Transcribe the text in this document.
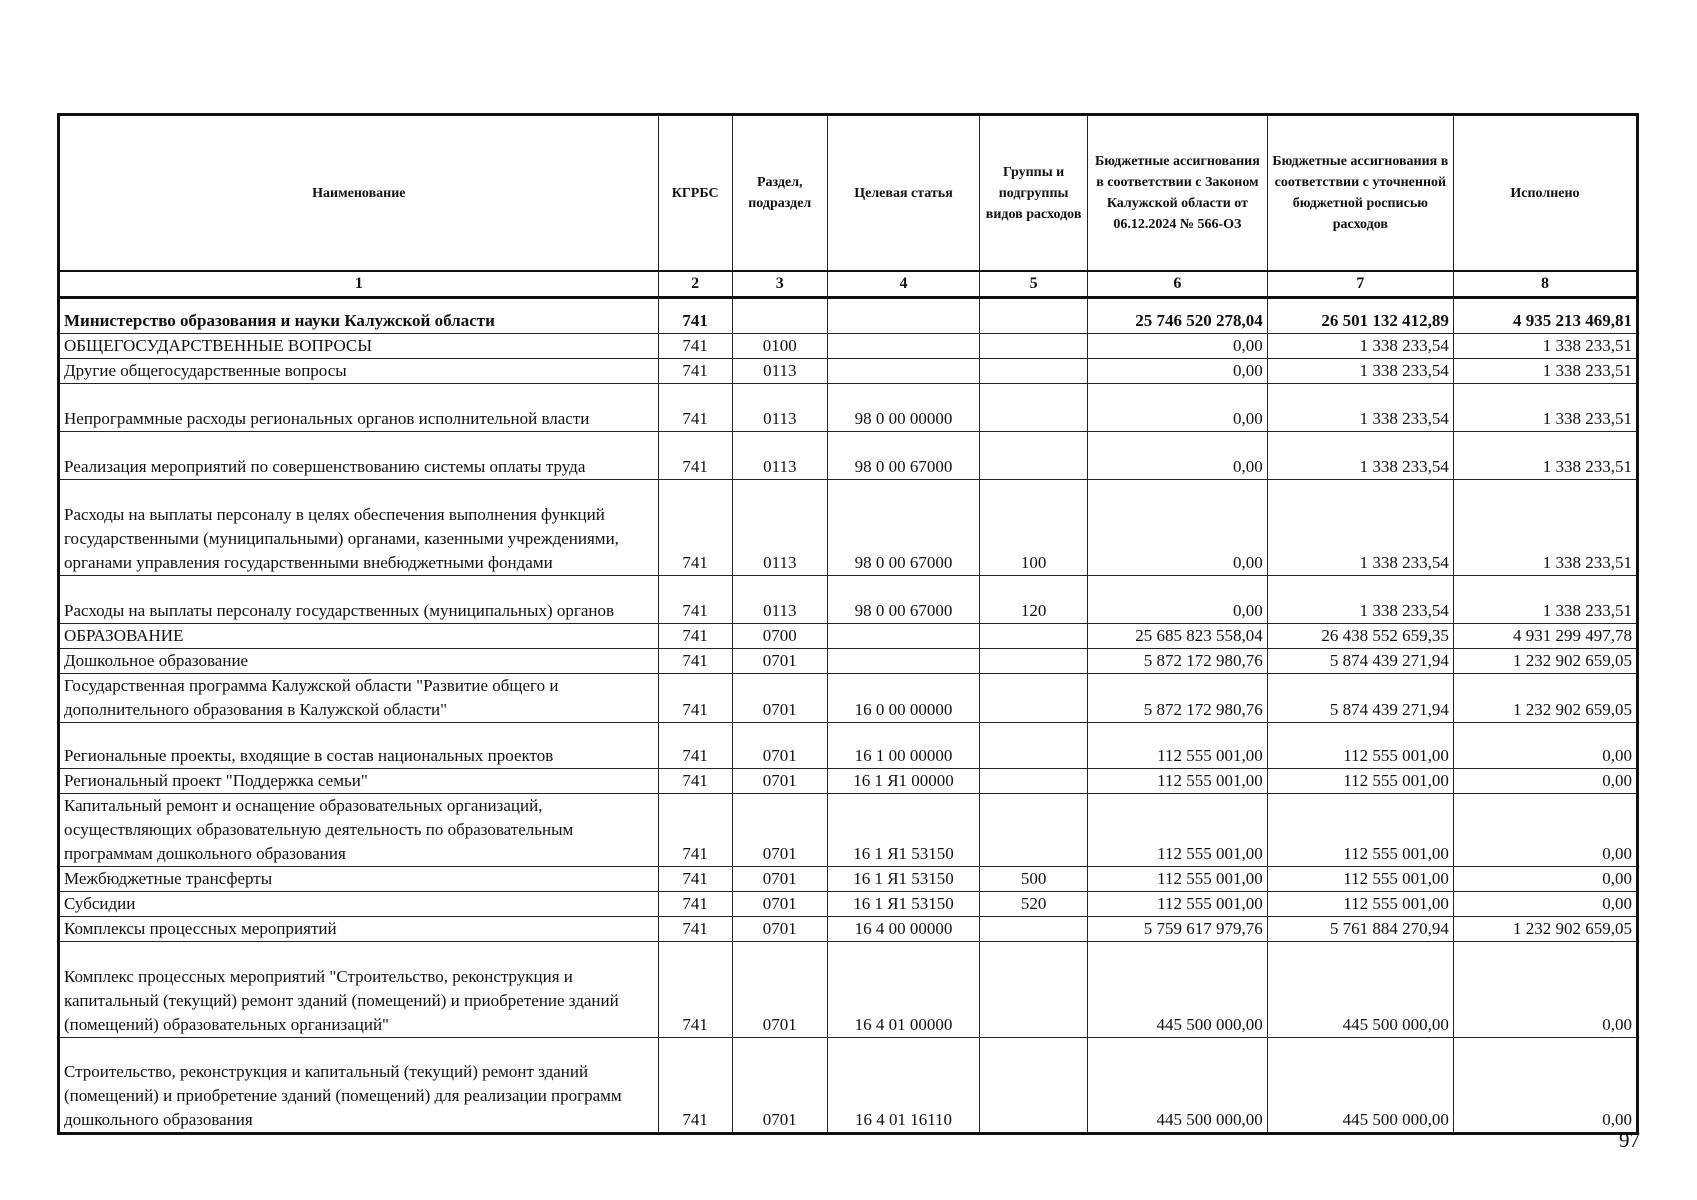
Наименование	КГРБС	Раздел, подраздел	Целевая статья	Группы и подгруппы видов расходов	Бюджетные ассигнования в соответствии с Законом Калужской области от 06.12.2024 № 566-ОЗ	Бюджетные ассигнования в соответствии с уточненной бюджетной росписью расходов	Исполнено
1	2	3	4	5	6	7	8
Министерство образования и науки Калужской области	741				25 746 520 278,04	26 501 132 412,89	4 935 213 469,81
ОБЩЕГОСУДАРСТВЕННЫЕ ВОПРОСЫ	741	0100			0,00	1 338 233,54	1 338 233,51
Другие общегосударственные вопросы	741	0113			0,00	1 338 233,54	1 338 233,51
Непрограммные расходы региональных органов исполнительной власти	741	0113	98 0 00 00000		0,00	1 338 233,54	1 338 233,51
Реализация мероприятий по совершенствованию системы оплаты труда	741	0113	98 0 00 67000		0,00	1 338 233,54	1 338 233,51
Расходы на выплаты персоналу в целях обеспечения выполнения функций государственными (муниципальными) органами, казенными учреждениями, органами управления государственными внебюджетными фондами	741	0113	98 0 00 67000	100	0,00	1 338 233,54	1 338 233,51
Расходы на выплаты персоналу государственных (муниципальных) органов	741	0113	98 0 00 67000	120	0,00	1 338 233,54	1 338 233,51
ОБРАЗОВАНИЕ	741	0700			25 685 823 558,04	26 438 552 659,35	4 931 299 497,78
Дошкольное образование	741	0701			5 872 172 980,76	5 874 439 271,94	1 232 902 659,05
Государственная программа Калужской области "Развитие общего и дополнительного образования в Калужской области"	741	0701	16 0 00 00000		5 872 172 980,76	5 874 439 271,94	1 232 902 659,05
Региональные проекты, входящие в состав национальных проектов	741	0701	16 1 00 00000		112 555 001,00	112 555 001,00	0,00
Региональный проект "Поддержка семьи"	741	0701	16 1 Я1 00000		112 555 001,00	112 555 001,00	0,00
Капитальный ремонт и оснащение образовательных организаций, осуществляющих образовательную деятельность по образовательным программам дошкольного образования	741	0701	16 1 Я1 53150		112 555 001,00	112 555 001,00	0,00
Межбюджетные трансферты	741	0701	16 1 Я1 53150	500	112 555 001,00	112 555 001,00	0,00
Субсидии	741	0701	16 1 Я1 53150	520	112 555 001,00	112 555 001,00	0,00
Комплексы процессных мероприятий	741	0701	16 4 00 00000		5 759 617 979,76	5 761 884 270,94	1 232 902 659,05
Комплекс процессных мероприятий "Строительство, реконструкция и капитальный (текущий) ремонт зданий (помещений) и приобретение зданий (помещений) образовательных организаций"	741	0701	16 4 01 00000		445 500 000,00	445 500 000,00	0,00
Строительство, реконструкция и капитальный (текущий) ремонт зданий (помещений) и приобретение зданий (помещений) для реализации программ дошкольного образования	741	0701	16 4 01 16110		445 500 000,00	445 500 000,00	0,00
97
